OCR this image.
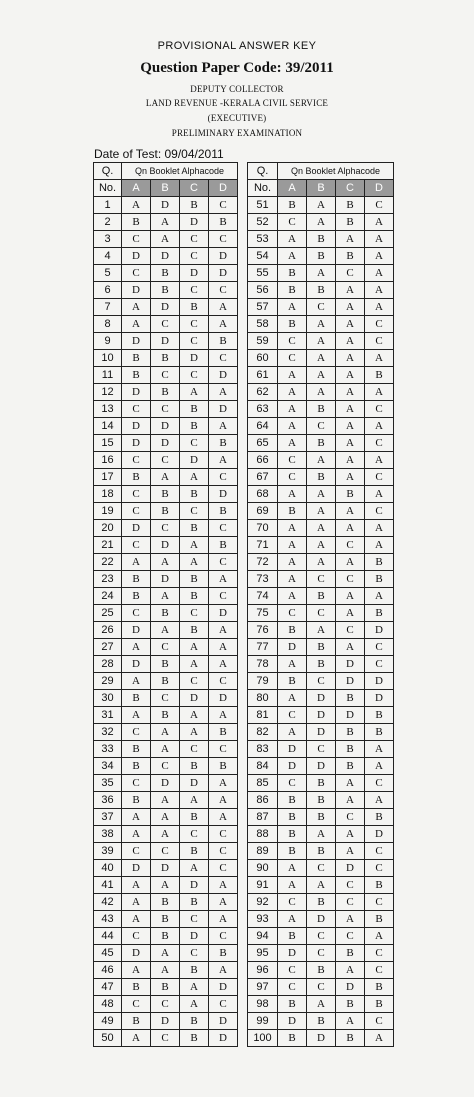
PROVISIONAL ANSWER KEY
Question Paper Code: 39/2011
DEPUTY COLLECTOR
LAND REVENUE -KERALA CIVIL SERVICE
(EXECUTIVE)
PRELIMINARY EXAMINATION
Date of Test: 09/04/2011
Q.	Qn Booklet Alphacode			
No.	A	B	C	D
1	A	D	B	C
2	B	A	D	B
3	C	A	C	C
4	D	D	C	D
5	C	B	D	D
6	D	B	C	C
7	A	D	B	A
8	A	C	C	A
9	D	D	C	B
10	B	B	D	C
11	B	C	C	D
12	D	B	A	A
13	C	C	B	D
14	D	D	B	A
15	D	D	C	B
16	C	C	D	A
17	B	A	A	C
18	C	B	B	D
19	C	B	C	B
20	D	C	B	C
21	C	D	A	B
22	A	A	A	C
23	B	D	B	A
24	B	A	B	C
25	C	B	C	D
26	D	A	B	A
27	A	C	A	A
28	D	B	A	A
29	A	B	C	C
30	B	C	D	D
31	A	B	A	A
32	C	A	A	B
33	B	A	C	C
34	B	C	B	B
35	C	D	D	A
36	B	A	A	A
37	A	A	B	A
38	A	A	C	C
39	C	C	B	C
40	D	D	A	C
41	A	A	D	A
42	A	B	B	A
43	A	B	C	A
44	C	B	D	C
45	D	A	C	B
46	A	A	B	A
47	B	B	A	D
48	C	C	A	C
49	B	D	B	D
50	A	C	B	D
Q.	Qn Booklet Alphacode			
No.	A	B	C	D
51	B	A	B	C
52	C	A	B	A
53	A	B	A	A
54	A	B	B	A
55	B	A	C	A
56	B	B	A	A
57	A	C	A	A
58	B	A	A	C
59	C	A	A	C
60	C	A	A	A
61	A	A	A	B
62	A	A	A	A
63	A	B	A	C
64	A	C	A	A
65	A	B	A	C
66	C	A	A	A
67	C	B	A	C
68	A	A	B	A
69	B	A	A	C
70	A	A	A	A
71	A	A	C	A
72	A	A	A	B
73	A	C	C	B
74	A	B	A	A
75	C	C	A	B
76	B	A	C	D
77	D	B	A	C
78	A	B	D	C
79	B	C	D	D
80	A	D	B	D
81	C	D	D	B
82	A	D	B	B
83	D	C	B	A
84	D	D	B	A
85	C	B	A	C
86	B	B	A	A
87	B	B	C	B
88	B	A	A	D
89	B	B	A	C
90	A	C	D	C
91	A	A	C	B
92	C	B	C	C
93	A	D	A	B
94	B	C	C	A
95	D	C	B	C
96	C	B	A	C
97	C	C	D	B
98	B	A	B	B
99	D	B	A	C
100	B	D	B	A
